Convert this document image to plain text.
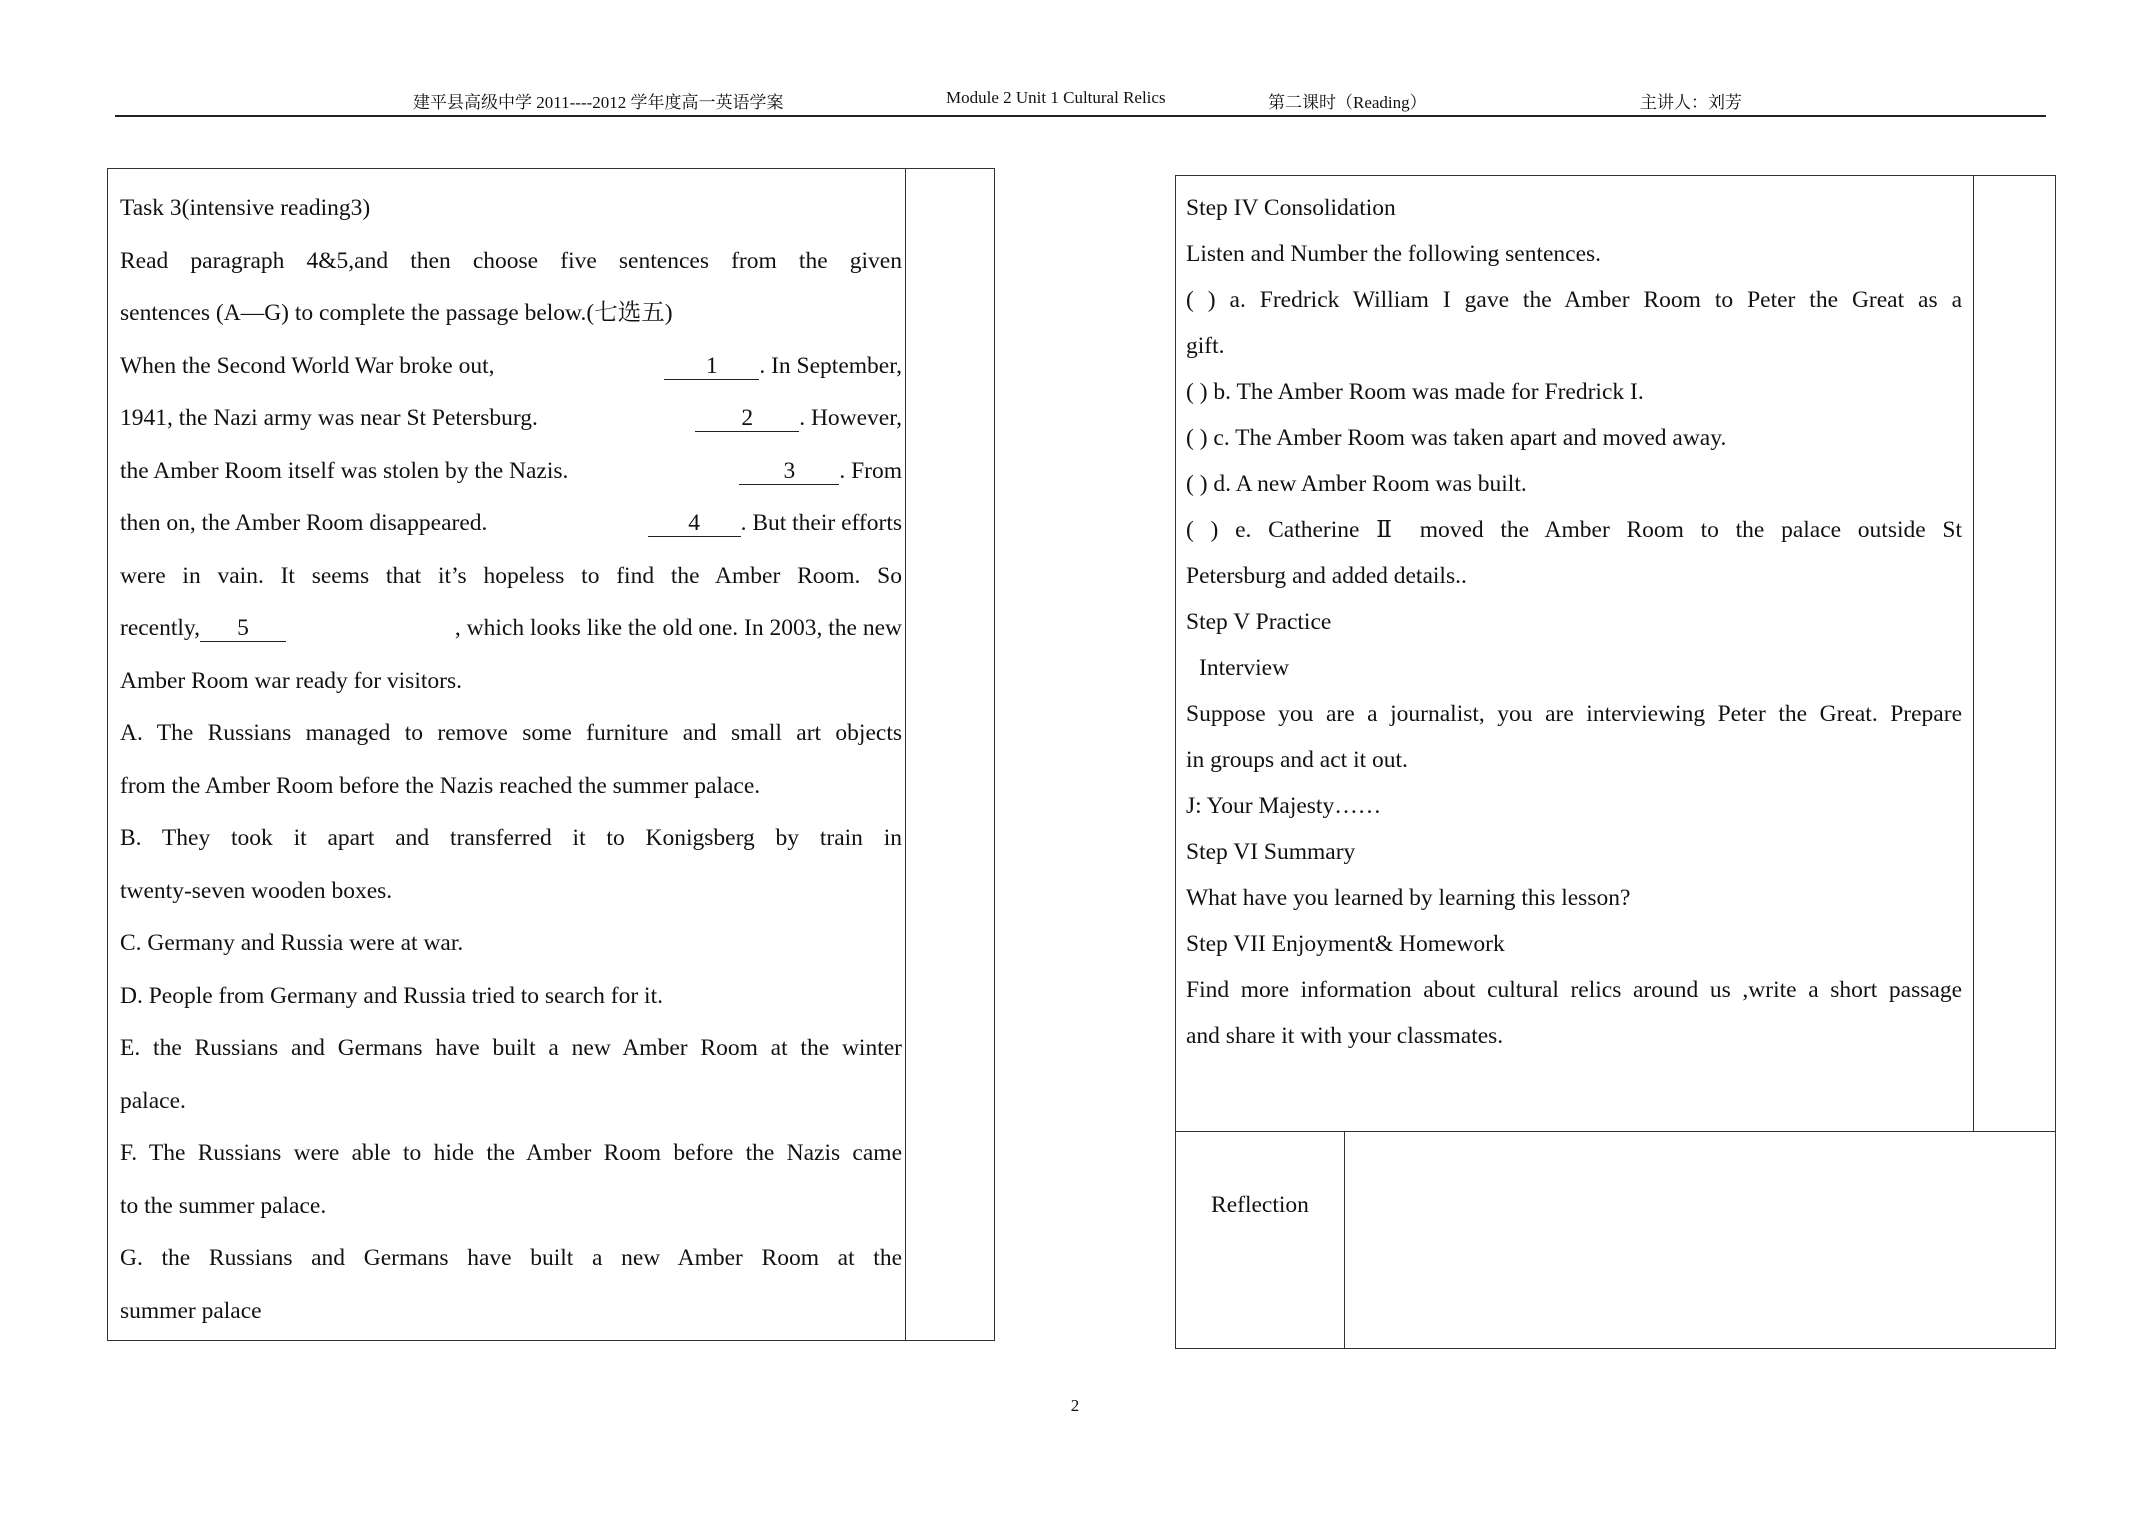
建平县高级中学 2011----2012 学年度高一英语学案	Module 2 Unit 1 Cultural Relics	第二课时（Reading）	主讲人：刘芳
Task 3(intensive reading3)
Read paragraph 4&5,and then choose five sentences from the given
sentences (A—G) to complete the passage below.(七选五)
When the Second World War broke out,	1 . In September,
1941, the Nazi army was near St Petersburg.	2 . However,
the Amber Room itself was stolen by the Nazis.	3 . From
then on, the Amber Room disappeared.	4 . But their efforts
were in vain. It seems that it’s hopeless to find the Amber Room. So
recently, 5	, which looks like the old one. In 2003, the new
Amber Room war ready for visitors.
A. The Russians managed to remove some furniture and small art objects
from the Amber Room before the Nazis reached the summer palace.
B. They took it apart and transferred it to Konigsberg by train in
twenty-seven wooden boxes.
C. Germany and Russia were at war.
D. People from Germany and Russia tried to search for it.
E. the Russians and Germans have built a new Amber Room at the winter
palace.
F. The Russians were able to hide the Amber Room before the Nazis came
to the summer palace.
G. the Russians and Germans have built a new Amber Room at the
summer palace
Step IV Consolidation
Listen and Number the following sentences.
( ) a. Fredrick William I gave the Amber Room to Peter the Great as a
gift.
( ) b. The Amber Room was made for Fredrick I.
( ) c. The Amber Room was taken apart and moved away.
( ) d. A new Amber Room was built.
( ) e. Catherine Ⅱ moved the Amber Room to the palace outside St
Petersburg and added details..
Step V Practice
Interview
Suppose you are a journalist, you are interviewing Peter the Great. Prepare
in groups and act it out.
J: Your Majesty……
Step VI Summary
What have you learned by learning this lesson?
Step VII Enjoyment& Homework
Find more information about cultural relics around us ,write a short passage
and share it with your classmates.
Reflection
2
